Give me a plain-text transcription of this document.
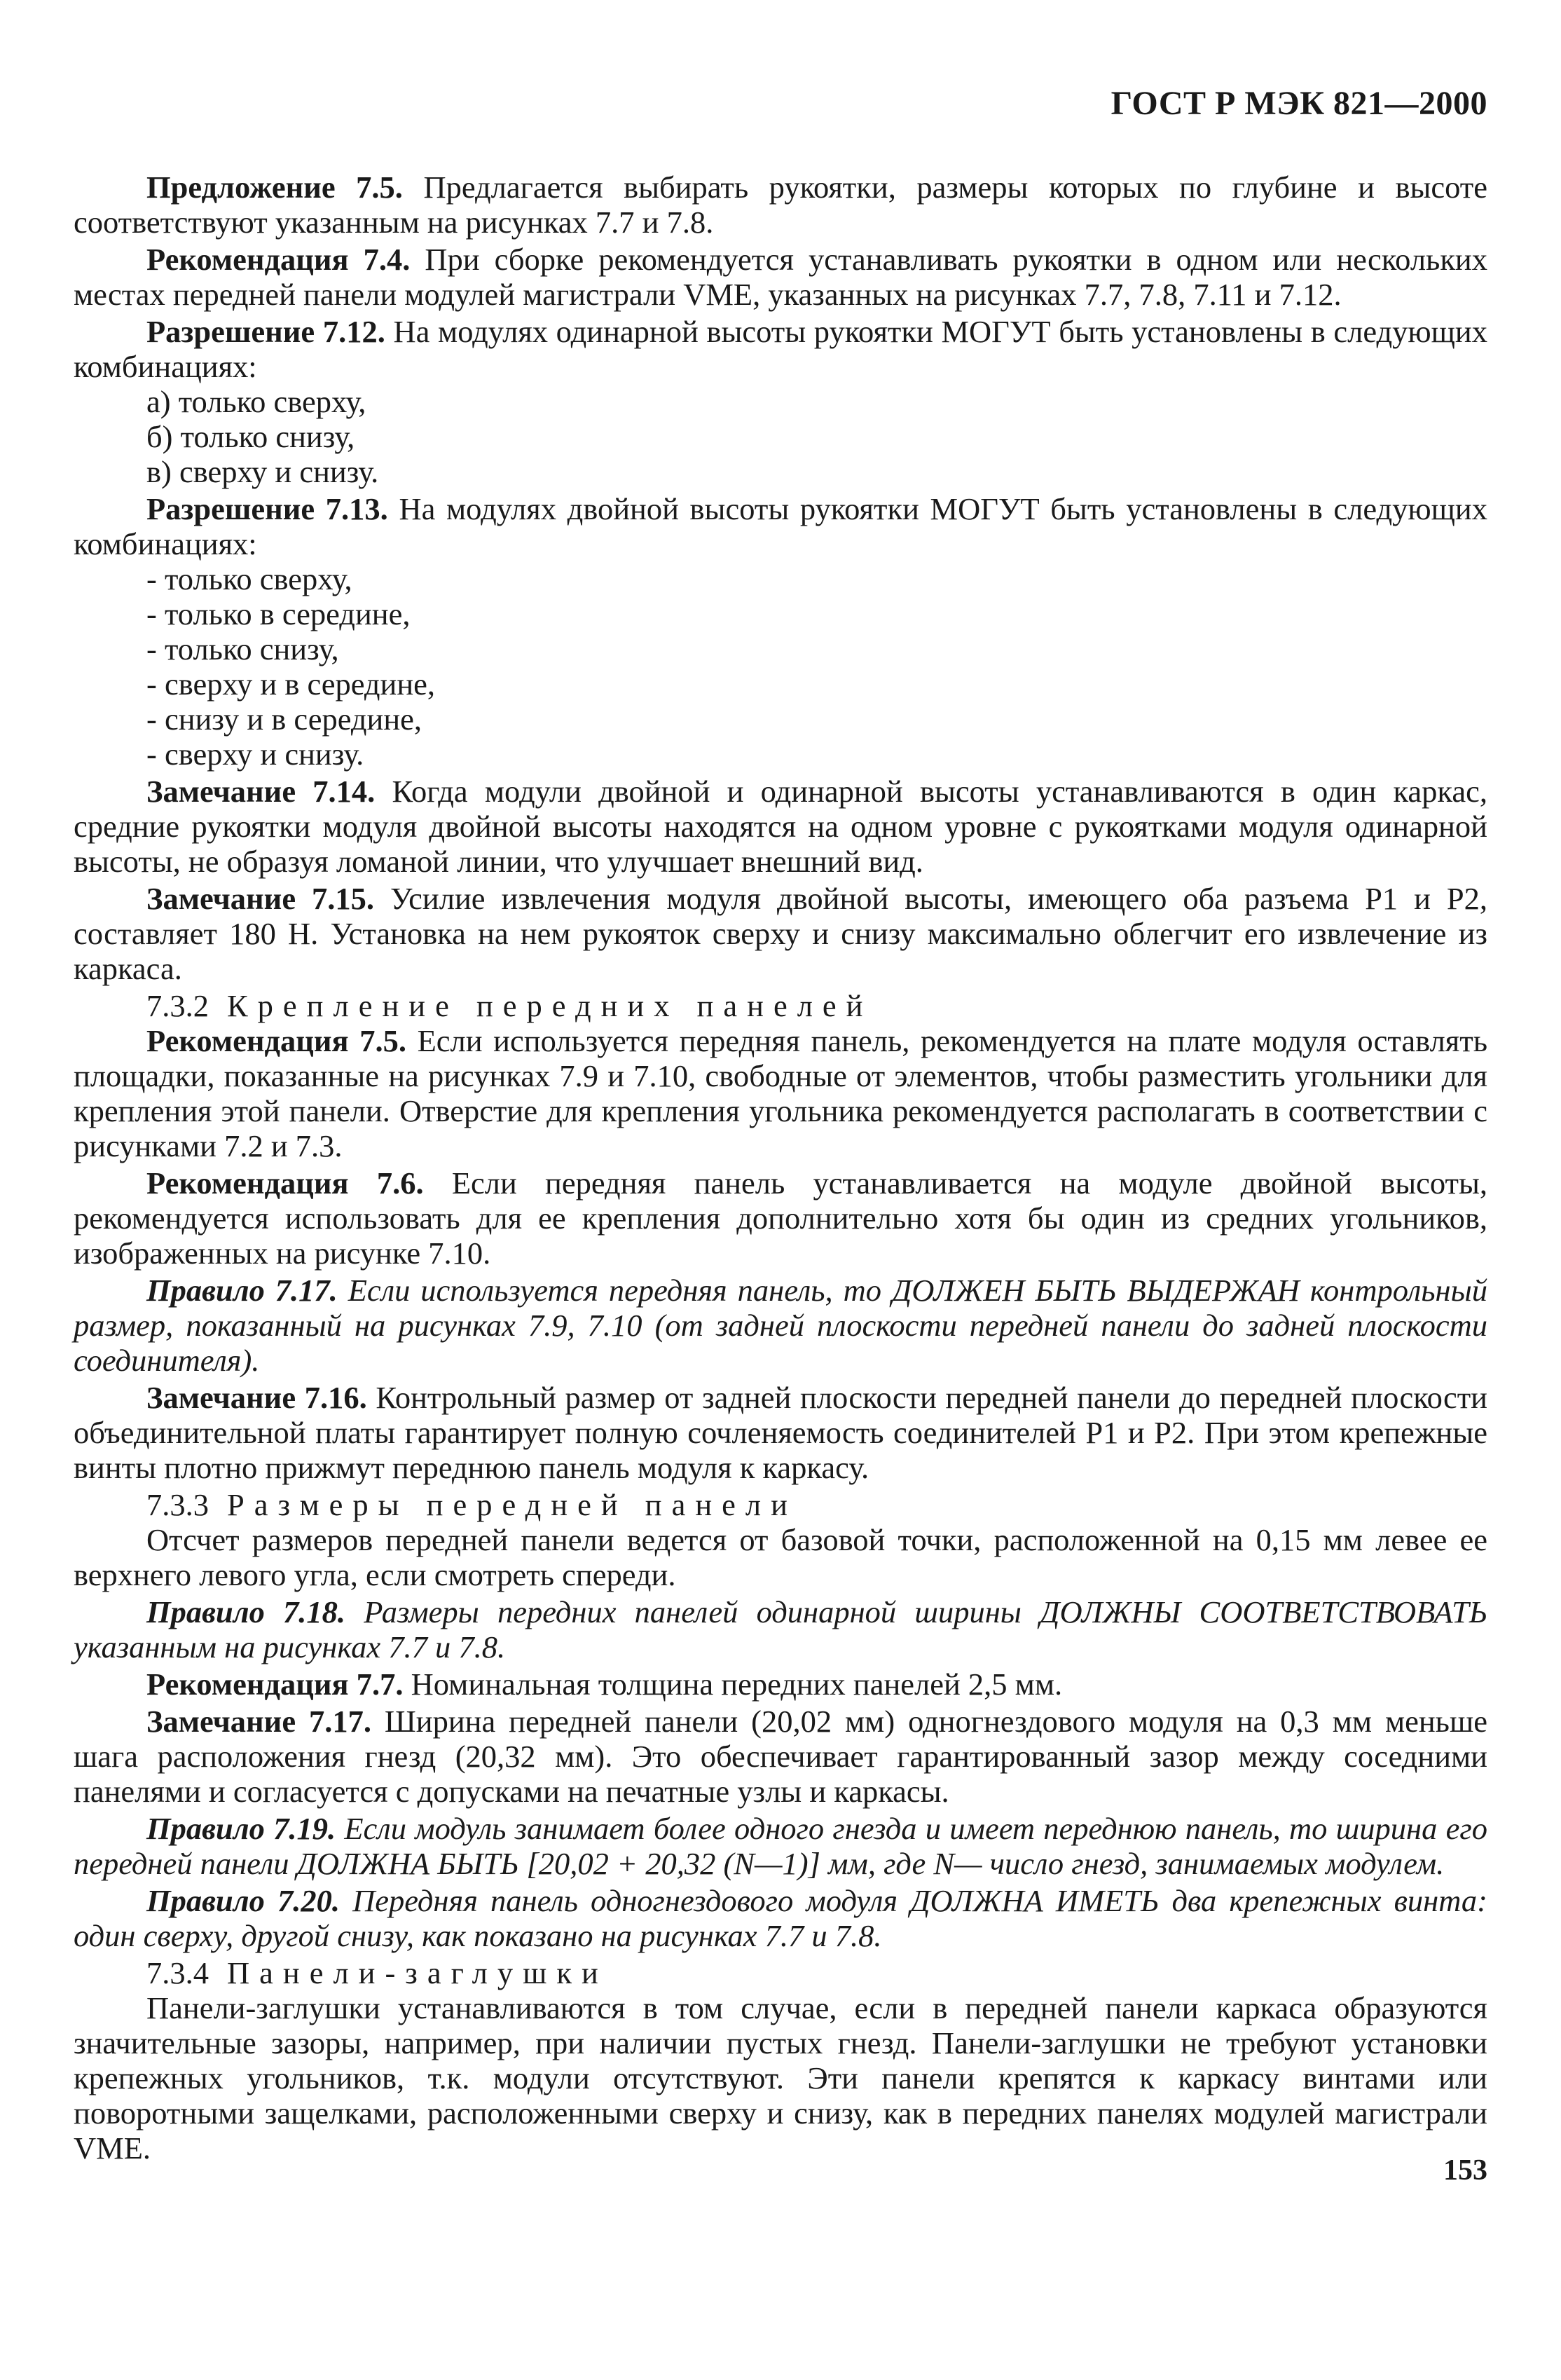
ГОСТ Р МЭК 821—2000

Предложение 7.5. Предлагается выбирать рукоятки, размеры которых по глубине и высоте соответствуют указанным на рисунках 7.7 и 7.8.

Рекомендация 7.4. При сборке рекомендуется устанавливать рукоятки в одном или нескольких местах передней панели модулей магистрали VME, указанных на рисунках 7.7, 7.8, 7.11 и 7.12.

Разрешение 7.12. На модулях одинарной высоты рукоятки МОГУТ быть установлены в следующих комбинациях:

а) только сверху,

б) только снизу,

в) сверху и снизу.

Разрешение 7.13. На модулях двойной высоты рукоятки МОГУТ быть установлены в следующих комбинациях:

- только сверху,

- только в середине,

- только снизу,

- сверху и в середине,

- снизу и в середине,

- сверху и снизу.

Замечание 7.14. Когда модули двойной и одинарной высоты устанавливаются в один каркас, средние рукоятки модуля двойной высоты находятся на одном уровне с рукоятками модуля одинарной высоты, не образуя ломаной линии, что улучшает внешний вид.

Замечание 7.15. Усилие извлечения модуля двойной высоты, имеющего оба разъема Р1 и Р2, составляет 180 Н. Установка на нем рукояток сверху и снизу максимально облегчит его извлечение из каркаса.

7.3.2 Крепление передних панелей

Рекомендация 7.5. Если используется передняя панель, рекомендуется на плате модуля оставлять площадки, показанные на рисунках 7.9 и 7.10, свободные от элементов, чтобы разместить угольники для крепления этой панели. Отверстие для крепления угольника рекомендуется располагать в соответствии с рисунками 7.2 и 7.3.

Рекомендация 7.6. Если передняя панель устанавливается на модуле двойной высоты, рекомендуется использовать для ее крепления дополнительно хотя бы один из средних угольников, изображенных на рисунке 7.10.

Правило 7.17. Если используется передняя панель, то ДОЛЖЕН БЫТЬ ВЫДЕРЖАН контрольный размер, показанный на рисунках 7.9, 7.10 (от задней плоскости передней панели до задней плоскости соединителя).

Замечание 7.16. Контрольный размер от задней плоскости передней панели до передней плоскости объединительной платы гарантирует полную сочленяемость соединителей Р1 и Р2. При этом крепежные винты плотно прижмут переднюю панель модуля к каркасу.

7.3.3 Размеры передней панели

Отсчет размеров передней панели ведется от базовой точки, расположенной на 0,15 мм левее ее верхнего левого угла, если смотреть спереди.

Правило 7.18. Размеры передних панелей одинарной ширины ДОЛЖНЫ СООТВЕТСТВОВАТЬ указанным на рисунках 7.7 и 7.8.

Рекомендация 7.7. Номинальная толщина передних панелей 2,5 мм.

Замечание 7.17. Ширина передней панели (20,02 мм) одногнездового модуля на 0,3 мм меньше шага расположения гнезд (20,32 мм). Это обеспечивает гарантированный зазор между соседними панелями и согласуется с допусками на печатные узлы и каркасы.

Правило 7.19. Если модуль занимает более одного гнезда и имеет переднюю панель, то ширина его передней панели ДОЛЖНА БЫТЬ [20,02 + 20,32 (N—1)] мм, где N— число гнезд, занимаемых модулем.

Правило 7.20. Передняя панель одногнездового модуля ДОЛЖНА ИМЕТЬ два крепежных винта: один сверху, другой снизу, как показано на рисунках 7.7 и 7.8.

7.3.4 Панели-заглушки

Панели-заглушки устанавливаются в том случае, если в передней панели каркаса образуются значительные зазоры, например, при наличии пустых гнезд. Панели-заглушки не требуют установки крепежных угольников, т.к. модули отсутствуют. Эти панели крепятся к каркасу винтами или поворотными защелками, расположенными сверху и снизу, как в передних панелях модулей магистрали VME.

153
